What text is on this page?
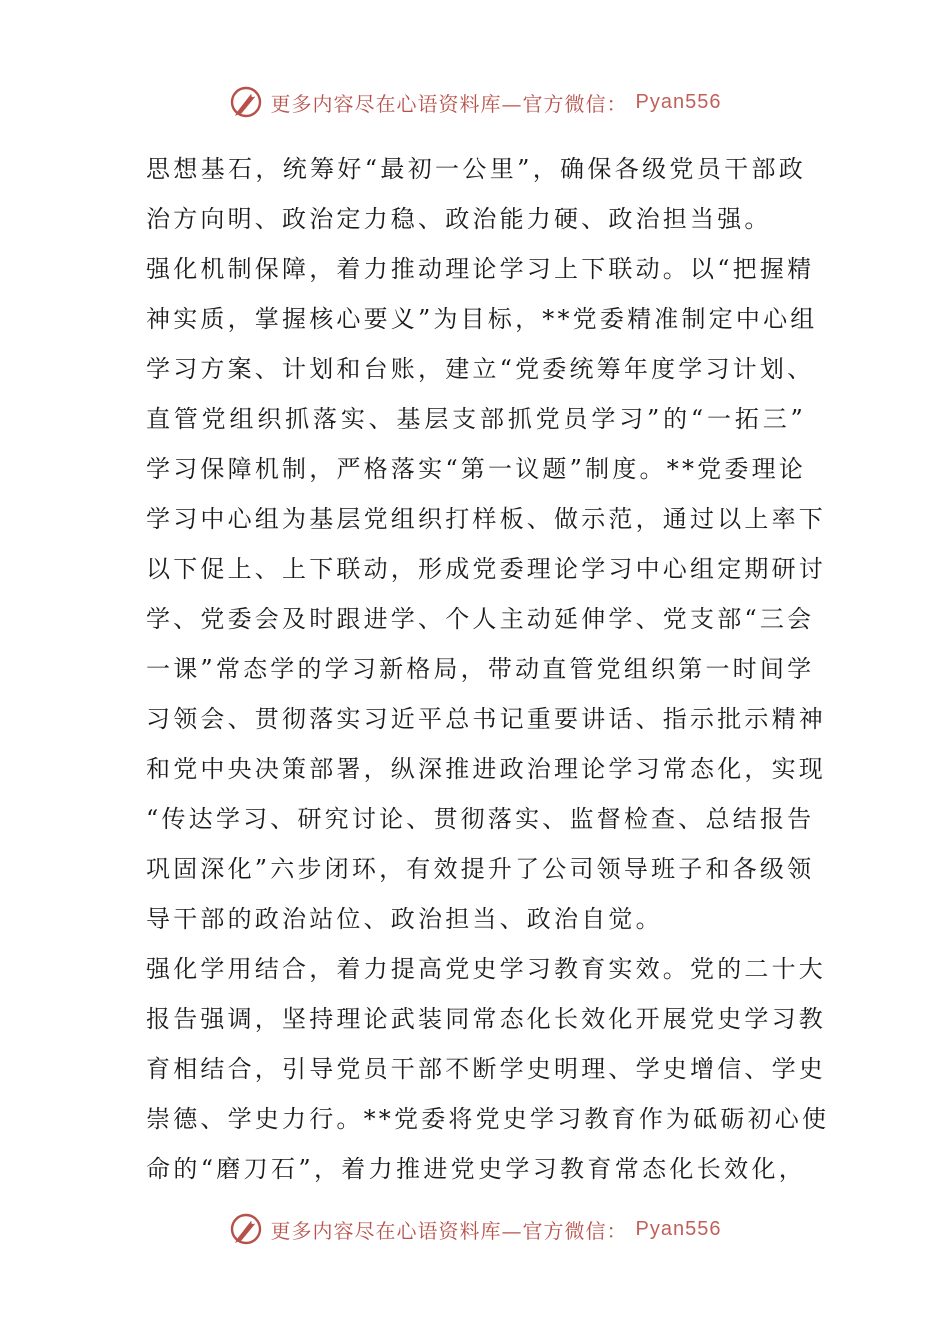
更多内容尽在心语资料库—官方微信： Pyan556
思想基石，统筹好“最初一公里”，确保各级党员干部政
治方向明、政治定力稳、政治能力硬、政治担当强。
强化机制保障，着力推动理论学习上下联动。以“把握精
神实质，掌握核心要义”为目标，**党委精准制定中心组
学习方案、计划和台账，建立“党委统筹年度学习计划、
直管党组织抓落实、基层支部抓党员学习”的“一拓三”
学习保障机制，严格落实“第一议题”制度。**党委理论
学习中心组为基层党组织打样板、做示范，通过以上率下
以下促上、上下联动，形成党委理论学习中心组定期研讨
学、党委会及时跟进学、个人主动延伸学、党支部“三会
一课”常态学的学习新格局，带动直管党组织第一时间学
习领会、贯彻落实习近平总书记重要讲话、指示批示精神
和党中央决策部署，纵深推进政治理论学习常态化，实现
“传达学习、研究讨论、贯彻落实、监督检查、总结报告
巩固深化”六步闭环，有效提升了公司领导班子和各级领
导干部的政治站位、政治担当、政治自觉。
强化学用结合，着力提高党史学习教育实效。党的二十大
报告强调，坚持理论武装同常态化长效化开展党史学习教
育相结合，引导党员干部不断学史明理、学史增信、学史
崇德、学史力行。**党委将党史学习教育作为砥砺初心使
命的“磨刀石”，着力推进党史学习教育常态化长效化，
更多内容尽在心语资料库—官方微信： Pyan556
